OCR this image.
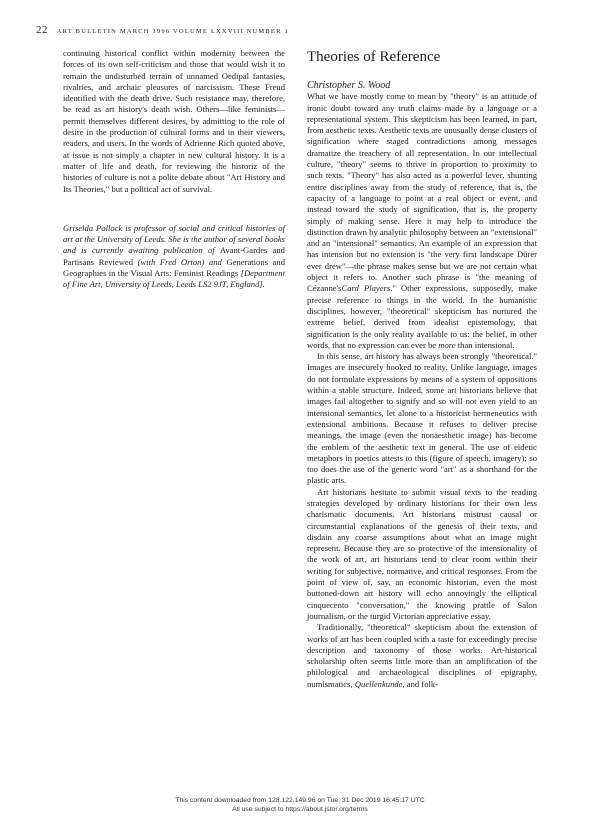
22 ART BULLETIN MARCH 1996 VOLUME LXXVIII NUMBER 1

continuing historical conflict within modernity between the forces of its own self-criticism and those that would wish it to remain the undisturbed terrain of unnamed Oedipal fantasies, rivalries, and archaic pleasures of narcissism. These Freud identified with the death drive. Such resistance may, therefore, be read as art history's death wish. Others—like feminists—permit themselves different desires, by admitting to the role of desire in the production of cultural forms and in their viewers, readers, and users. In the words of Adrienne Rich quoted above, at issue is not simply a chapter in new cultural history. It is a matter of life and death, for reviewing the historiz of the histories of culture is not a polite debate about "Art History and Its Theories," but a political act of survival.

Griselda Pollock is professor of social and critical histories of art at the University of Leeds. She is the author of several books and is currently awaiting publication of Avant-Gardes and Partisans Reviewed (with Fred Orton) and Generations and Geographies in the Visual Arts: Feminist Readings [Department of Fine Art, University of Leeds, Leeds LS2 9JT, England].

Theories of Reference

Christopher S. Wood

What we have mostly come to mean by "theory" is an attitude of ironic doubt toward any truth claims made by a language or a representational system. This skepticism has been learned, in part, from aesthetic texts. Aesthetic texts are unusually dense clusters of signification where staged contradictions among messages dramatize the treachery of all representation. In our intellectual culture, "theory" seems to thrive in proportion to proximity to such texts. "Theory" has also acted as a powerful lever, shunting entire disciplines away from the study of reference, that is, the capacity of a language to point at a real object or event, and instead toward the study of signification, that is, the property simply of making sense. Here it may help to introduce the distinction drawn by analytic philosophy between an "extensional" and an "intensional" semantics. An example of an expression that has intension but no extension is "the very first landscape Dürer ever drew"—the phrase makes sense but we are not certain what object it refers to. Another such phrase is "the meaning of Cézanne'sCard Players." Other expressions, supposedly, make precise reference to things in the world. In the humanistic disciplines, however, "theoretical" skepticism has nurtured the extreme belief, derived from idealist epistemology, that signification is the only reality available to us: the belief, in other words, that no expression can ever be more than intensional.

In this sense, art history has always been strongly "theoretical." Images are insecurely hooked to reality. Unlike language, images do not formulate expressions by means of a system of oppositions within a stable structure. Indeed, some art historians believe that images fail altogether to signify and so will not even yield to an intensional semantics, let alone to a historicist hermeneutics with extensional ambitions. Because it refuses to deliver precise meanings, the image (even the nonaesthetic image) has become the emblem of the aesthetic text in general. The use of eidetic metaphors in poetics attests to this (figure of speech, imagery); so too does the use of the generic word "art" as a shorthand for the plastic arts.

Art historians hesitate to submit visual texts to the reading strategies developed by ordinary historians for their own less charismatic documents. Art historians mistrust causal or circumstantial explanations of the genesis of their texts, and disdain any coarse assumptions about what an image might represent. Because they are so protective of the intensionality of the work of art, art historians tend to clear room within their writing for subjective, normative, and critical responses. From the point of view of, say, an economic historian, even the most buttoned-down art history will echo annoyingly the elliptical cinquecento "conversation," the knowing prattle of Salon journalism, or the turgid Victorian appreciative essay.

Traditionally, "theoretical" skepticism about the extension of works of art has been coupled with a taste for exceedingly precise description and taxonomy of those works. Art-historical scholarship often seems little more than an amplification of the philological and archaeological disciplines of epigraphy, numismatics, Quellenkunde, and folk-

This content downloaded from 128.122.149.96 on Tue, 31 Dec 2019 16:45:17 UTC
All use subject to https://about.jstor.org/terms
